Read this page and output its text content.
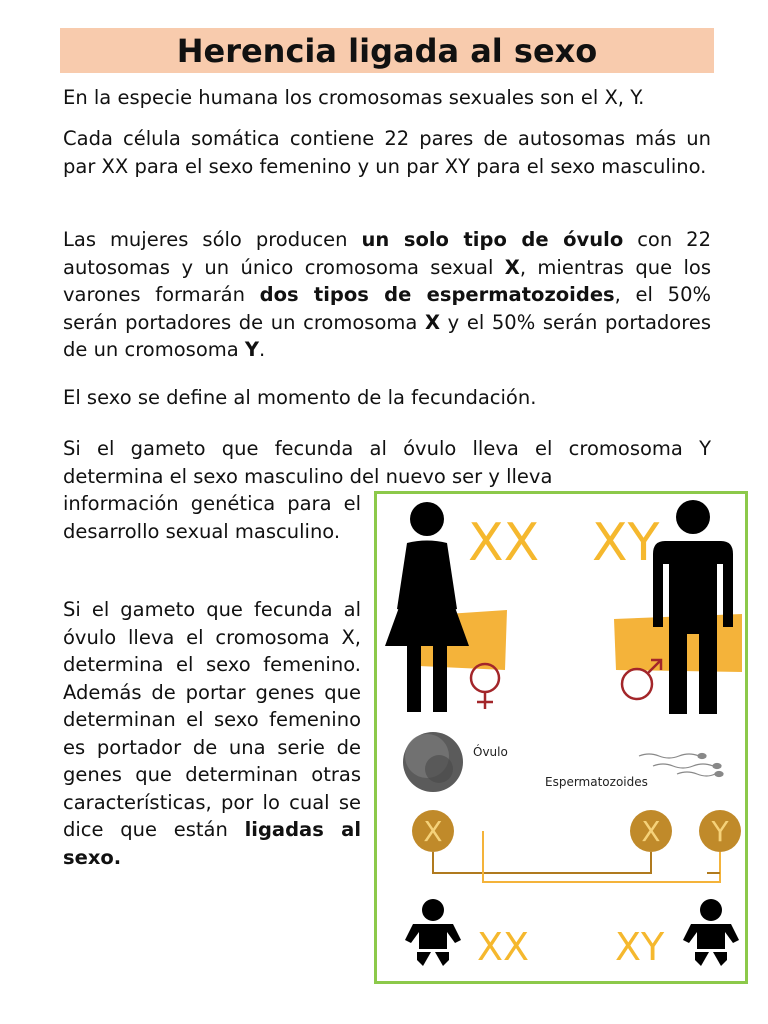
Herencia ligada al sexo

En la especie humana los cromosomas sexuales son el X, Y.

Cada célula somática contiene 22 pares de autosomas más un par XX para el sexo femenino y un par XY para el sexo masculino.

Las mujeres sólo producen un solo tipo de óvulo con 22 autosomas y un único cromosoma sexual X, mientras que los varones formarán dos tipos de espermatozoides, el 50% serán portadores de un cromosoma X y el 50% serán portadores de un cromosoma Y.

El sexo se define al momento de la fecundación.

Si el gameto que fecunda al óvulo lleva el cromosoma Y determina el sexo masculino del nuevo ser y lleva

información genética para el desarrollo sexual masculino.

Si el gameto que fecunda al óvulo lleva el cromosoma X, determina el sexo femenino. Además de portar genes que determinan el sexo femenino es portador de una serie de genes que determinan otras características, por lo cual se dice que están ligadas al sexo.

XX XY
Óvulo
Espermatozoides
X	X Y
XX XY
